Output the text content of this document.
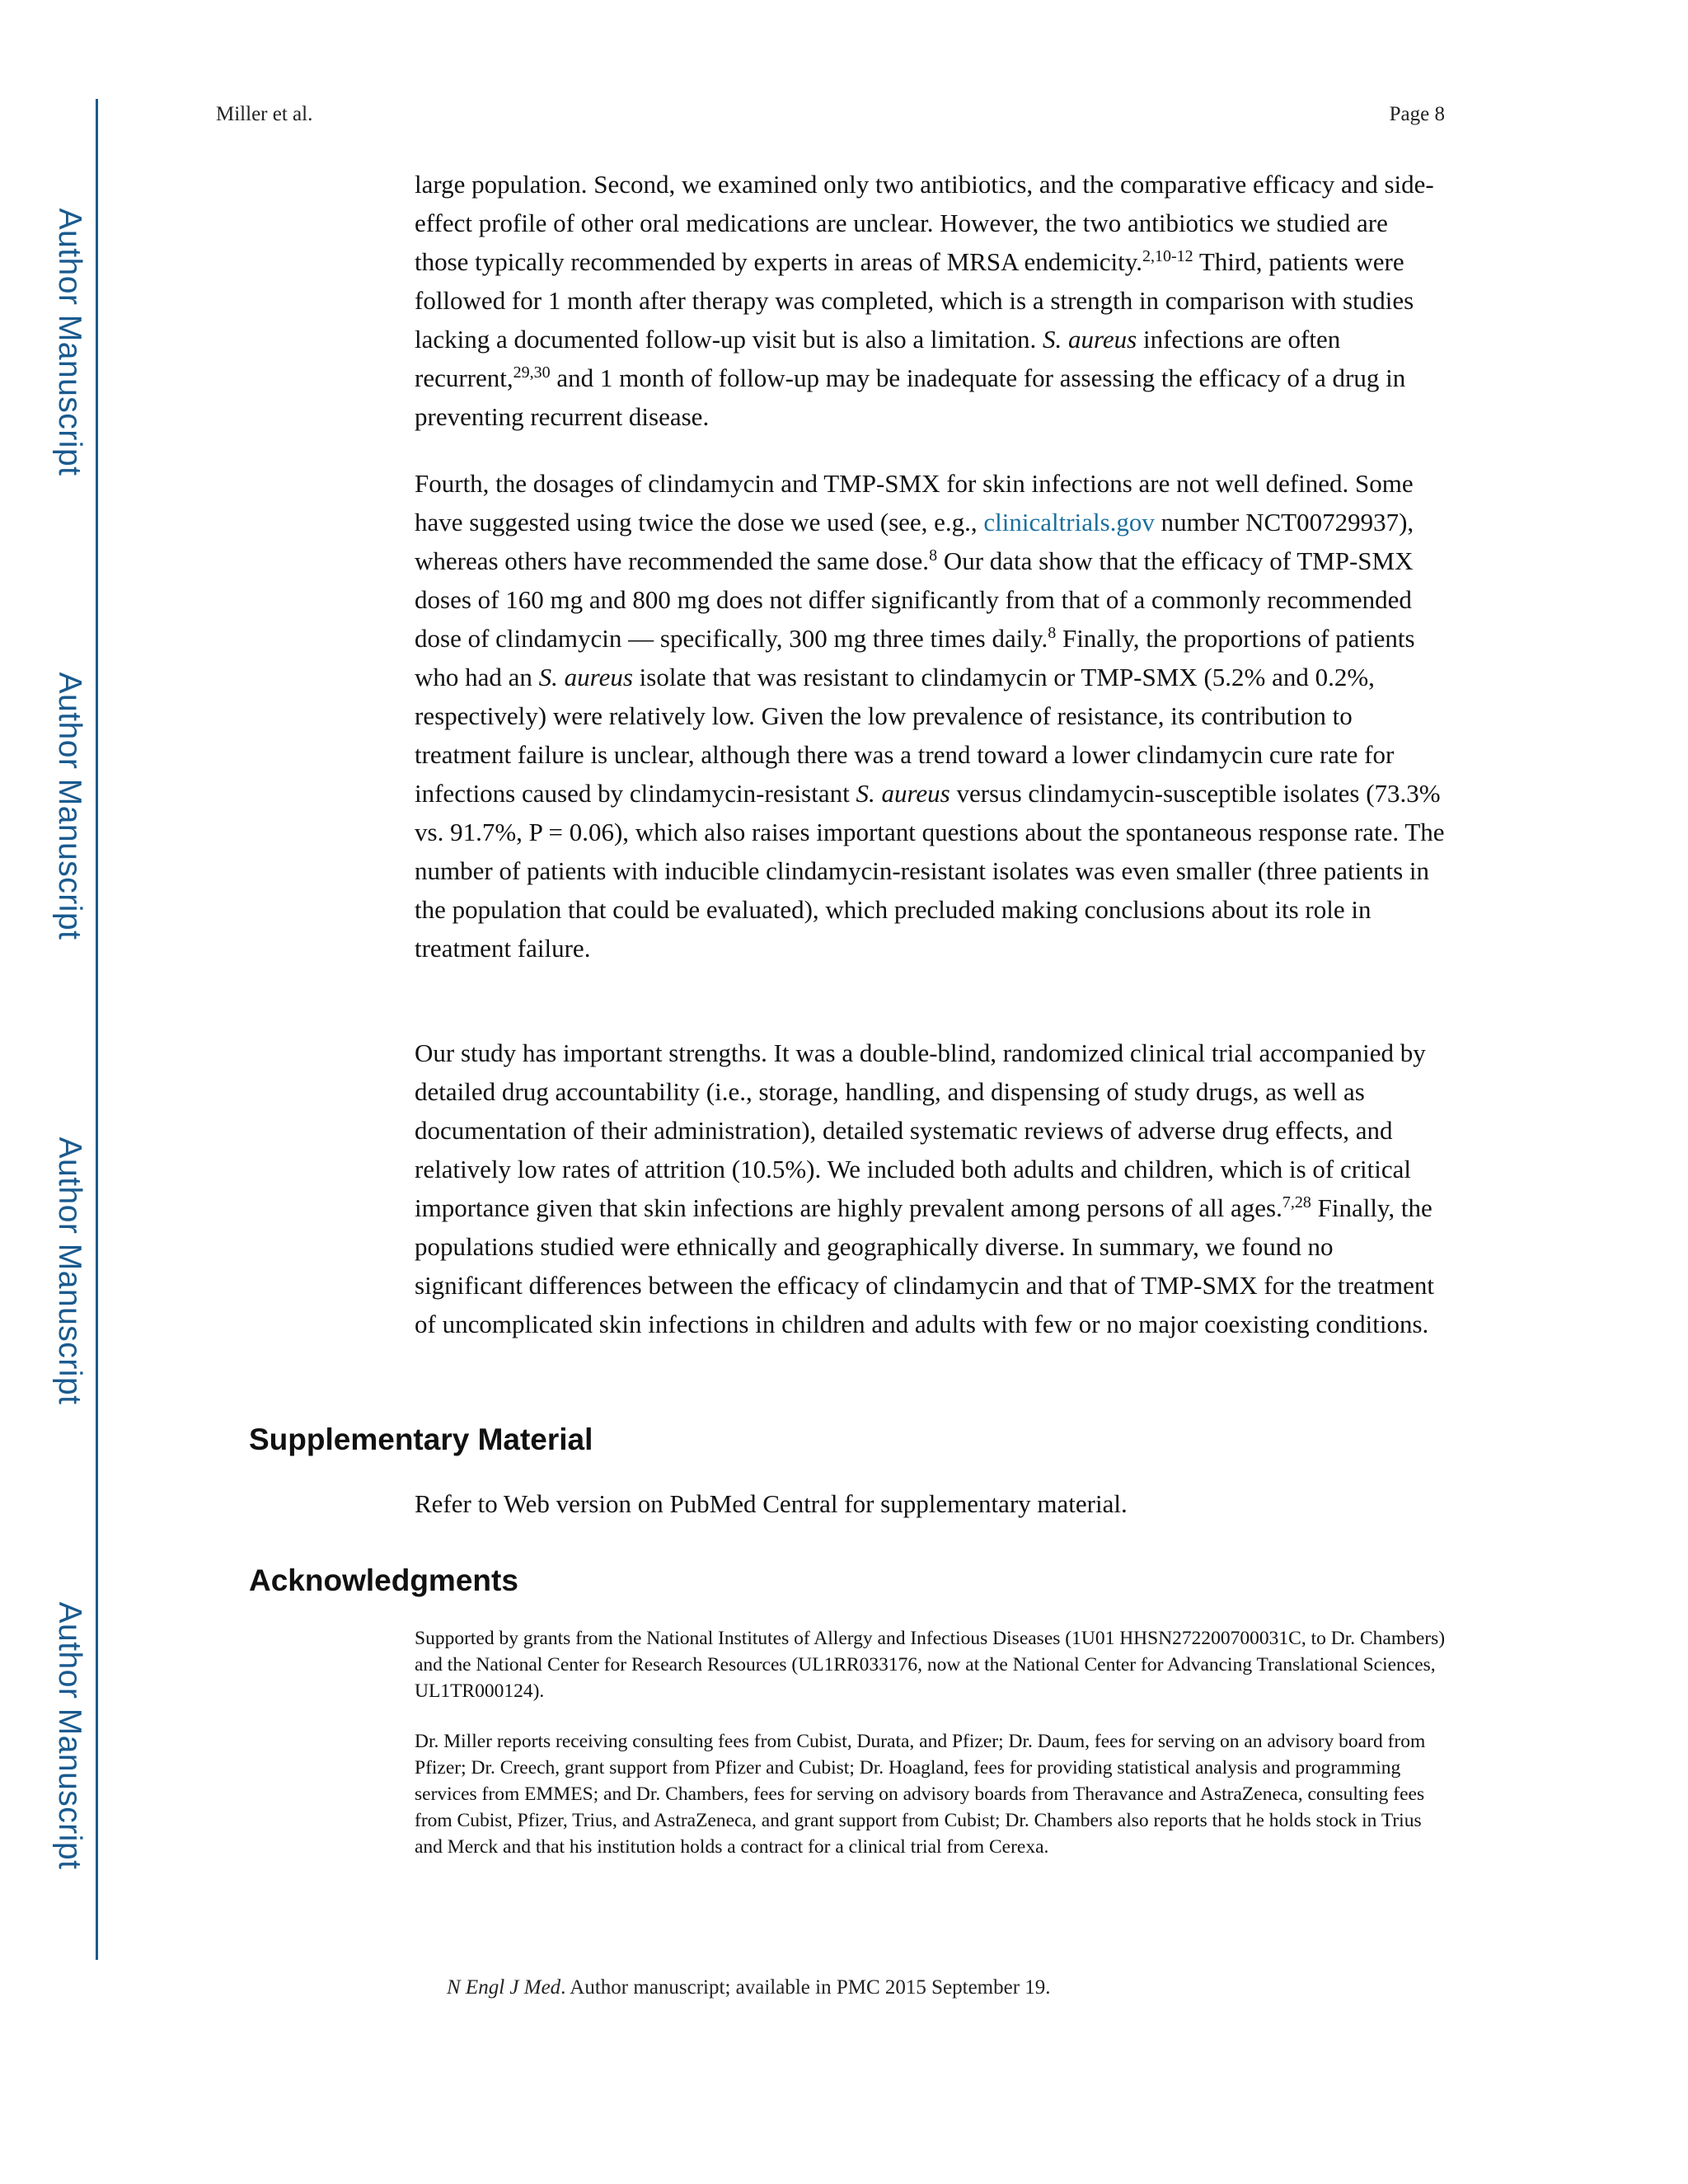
Author Manuscript
Author Manuscript
Author Manuscript
Author Manuscript
Miller et al.	Page 8

large population. Second, we examined only two antibiotics, and the comparative efficacy and side-effect profile of other oral medications are unclear. However, the two antibiotics we studied are those typically recommended by experts in areas of MRSA endemicity.$^{2,10-12}$ Third, patients were followed for 1 month after therapy was completed, which is a strength in comparison with studies lacking a documented follow-up visit but is also a limitation. S. aureus infections are often recurrent,$^{29,30}$ and 1 month of follow-up may be inadequate for assessing the efficacy of a drug in preventing recurrent disease.

Fourth, the dosages of clindamycin and TMP-SMX for skin infections are not well defined. Some have suggested using twice the dose we used (see, e.g., clinicaltrials.gov number NCT00729937), whereas others have recommended the same dose.$^8$ Our data show that the efficacy of TMP-SMX doses of 160 mg and 800 mg does not differ significantly from that of a commonly recommended dose of clindamycin — specifically, 300 mg three times daily.$^8$ Finally, the proportions of patients who had an S. aureus isolate that was resistant to clindamycin or TMP-SMX (5.2% and 0.2%, respectively) were relatively low. Given the low prevalence of resistance, its contribution to treatment failure is unclear, although there was a trend toward a lower clindamycin cure rate for infections caused by clindamycin-resistant S. aureus versus clindamycin-susceptible isolates (73.3% vs. 91.7%, P = 0.06), which also raises important questions about the spontaneous response rate. The number of patients with inducible clindamycin-resistant isolates was even smaller (three patients in the population that could be evaluated), which precluded making conclusions about its role in treatment failure.

Our study has important strengths. It was a double-blind, randomized clinical trial accompanied by detailed drug accountability (i.e., storage, handling, and dispensing of study drugs, as well as documentation of their administration), detailed systematic reviews of adverse drug effects, and relatively low rates of attrition (10.5%). We included both adults and children, which is of critical importance given that skin infections are highly prevalent among persons of all ages.$^{7,28}$ Finally, the populations studied were ethnically and geographically diverse. In summary, we found no significant differences between the efficacy of clindamycin and that of TMP-SMX for the treatment of uncomplicated skin infections in children and adults with few or no major coexisting conditions.

Supplementary Material

Refer to Web version on PubMed Central for supplementary material.

Acknowledgments

Supported by grants from the National Institutes of Allergy and Infectious Diseases (1U01 HHSN272200700031C, to Dr. Chambers) and the National Center for Research Resources (UL1RR033176, now at the National Center for Advancing Translational Sciences, UL1TR000124).

Dr. Miller reports receiving consulting fees from Cubist, Durata, and Pfizer; Dr. Daum, fees for serving on an advisory board from Pfizer; Dr. Creech, grant support from Pfizer and Cubist; Dr. Hoagland, fees for providing statistical analysis and programming services from EMMES; and Dr. Chambers, fees for serving on advisory boards from Theravance and AstraZeneca, consulting fees from Cubist, Pfizer, Trius, and AstraZeneca, and grant support from Cubist; Dr. Chambers also reports that he holds stock in Trius and Merck and that his institution holds a contract for a clinical trial from Cerexa.

N Engl J Med. Author manuscript; available in PMC 2015 September 19.
